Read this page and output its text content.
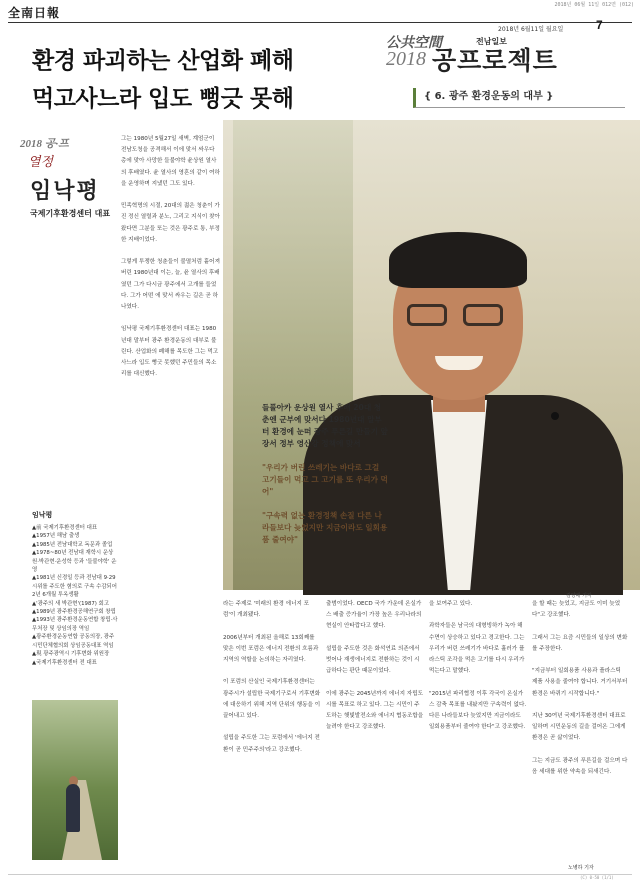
全南日報
2018년 06월 11일 012면 (012)
2018년 6월11일 월요일	7
公共空間	전남일보
2018 공프로젝트
환경 파괴하는 산업화 폐해
먹고사느라 입도 뻥긋 못해	{ 6. 광주 환경운동의 대부 }
2018 공·프
열정
임낙평
국제기후환경센터 대표
그는 1980년 5월27일 새벽, 계엄군이 전남도청을 공격해서 이에 맞서 싸우다 총에 맞아 사망한 들불야학 윤상원 열사의 후배였다. 윤 열사의 영혼의 같이 여하을 운영하며 지냈던 그도 있다.

민족혁명의 시절, 20대의 젊은 청춘이 가진 정신 열렬과 분노, 그리고 지식이 찾아왔다면 그분들 또는 것은 광주로 통, 부정한 지배이었다.

그렇게 투쟁한 청춘들이 불멸처럼 흩어져 버린 1980년대 이는, 늘, 윤 열사의 후배였던 그가 다시금 광주에서 고개를 들었다. 그가 어떤 에 맞서 싸우는 길은 곧 하나였다.

임낙평 국제기후환경센터 대표는 1980년대 말부터 광주 환경운동의 대부로 불린다. 산업화의 폐해를 목도한 그는 먹고사느라 입도 뻥긋 못했던 주민들의 목소리를 대신했다.

들풀아카 운상원 열사 후배 20대 청춘엔 군부에 맞서다 1980년대 말부터 환경에 눈떠 광주 푸른길 만들기 앞장서 정부 영산강 정책에 맞서

"우리가 버린 쓰레기는 바다로 그걸 고기들이 먹고 그 고기를 또 우리가 먹어"

"구속력 없는 환경정책 손질 다른 나라들보다 늦었지만 지금이라도 일회용품 줄여야"

김양배 기자
임낙평
▲前 국제기후환경센터 대표
▲1957년 해남 출생
▲1985년 전남대학교 독문과 졸업
▲1978~80년 전남대 재학시 운상원·박관현·운성학 등과 '들불야학' 운영
▲1981년 신경일 등과 전남대 9·29 시위를 주도한 혐의로 구속 수감되어 2년 6개월 투옥생활
▲'광주의 새 박관현'(1987) 회고
▲1989년 광주환경공해연구회 창립
▲1993년 광주환경운동연합 창립·사무처장 및 상임의장 역임
▲광주환경운동연합 공동의장, 광주시민단체협의회 상임공동대표 역임
▲現 광주광역시 기후변화 위원장
▲국제기후환경센터 전 대표
라는 주제로 '미래의 환경 에너지 포럼'이 개최됐다.

2006년부터 개최된 올해로 13회째를 맞은 이번 포럼은 에너지 전환의 흐름과 지역의 역할을 논의하는 자리였다.

이 포럼의 산실인 국제기후환경센터는 광주시가 설립한 국제기구로서 기후변화에 대응하기 위해 지역 단위의 행동을 이끌어내고 있다.

설립을 주도한 그는 포럼에서 '에너지 전환이 곧 민주주의'라고 강조했다.
출범이었다. OECD 국가 가운데 온실가스 배출 증가율이 가장 높은 우리나라의 현실이 안타깝다고 했다.

설립을 주도한 것은 화석연료 의존에서 벗어나 재생에너지로 전환하는 것이 시급하다는 판단 때문이었다.

이에 광주는 2045년까지 에너지 자립도시를 목표로 하고 있다. 그는 시민이 주도하는 햇빛발전소와 에너지 협동조합을 늘려야 한다고 강조했다.
을 보여주고 있다.

과학자들은 남극의 대형빙하가 녹아 해수면이 상승하고 있다고 경고한다. 그는 우리가 버린 쓰레기가 바다로 흘러가 플라스틱 조각을 먹은 고기를 다시 우리가 먹는다고 말했다.

"2015년 파리협정 이후 각국이 온실가스 감축 목표를 내놨지만 구속력이 없다. 다른 나라들보다 늦었지만 지금이라도 일회용품부터 줄여야 한다"고 강조했다.
을 할 때는 늦었고, 지금도 이미 늦었다"고 강조했다.

그래서 그는 요즘 시민들의 일상의 변화를 주장한다.

"지금부터 일회용품 사용과 플라스틱 제품 사용을 줄여야 합니다. 거기서부터 환경은 바뀌기 시작합니다."

지난 30여년 국제기후환경센터 대표로 일하며 시민운동의 길을 걸어온 그에게 환경은 곧 삶이었다.

그는 지금도 광주의 푸른길을 걸으며 다음 세대를 위한 약속을 되새긴다.
노병하 기자
(C) 0-50 (1/1)
